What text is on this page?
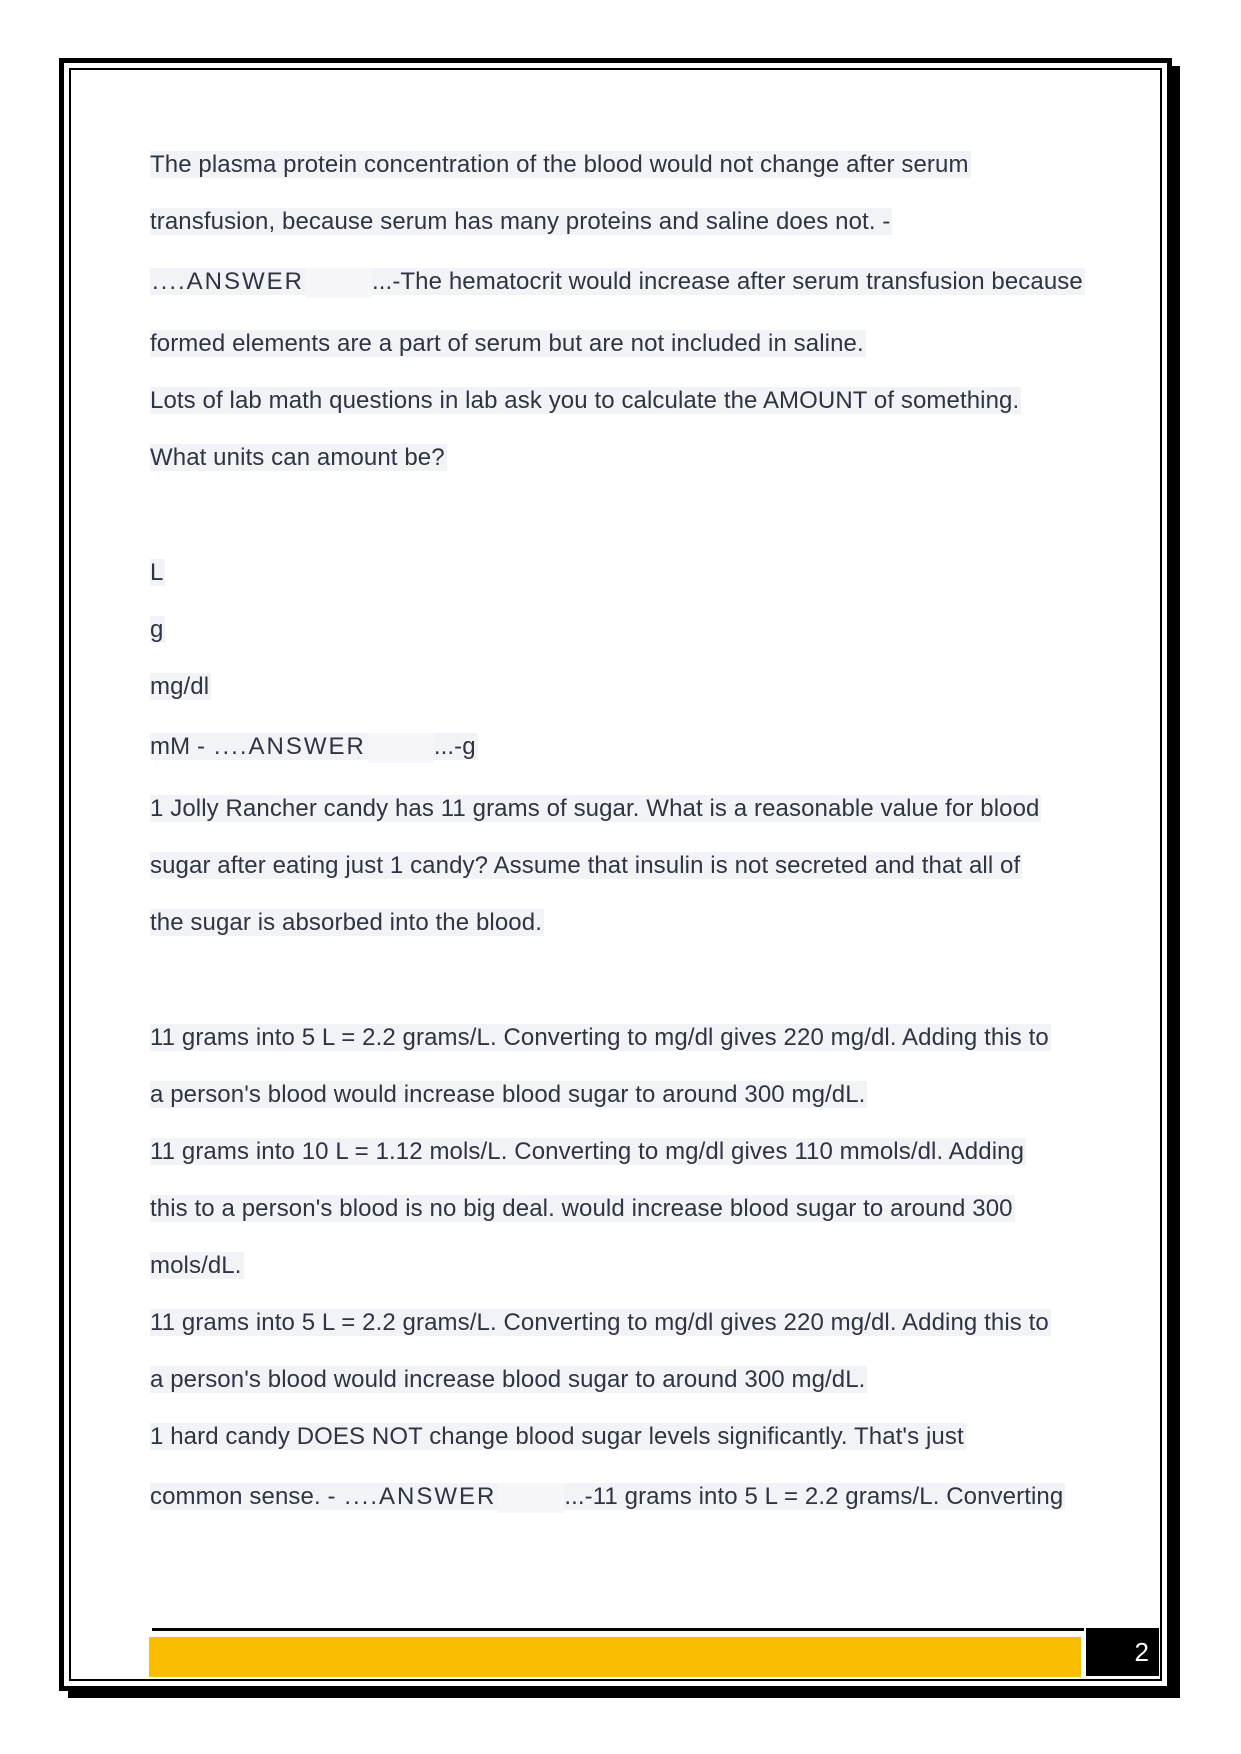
The plasma protein concentration of the blood would not change after serum
transfusion, because serum has many proteins and saline does not. -
....ANSWER	...-The hematocrit would increase after serum transfusion because
formed elements are a part of serum but are not included in saline.
Lots of lab math questions in lab ask you to calculate the AMOUNT of something.
What units can amount be?
L
g
mg/dl
mM - ....ANSWER	...-g
1 Jolly Rancher candy has 11 grams of sugar. What is a reasonable value for blood
sugar after eating just 1 candy? Assume that insulin is not secreted and that all of
the sugar is absorbed into the blood.
11 grams into 5 L = 2.2 grams/L. Converting to mg/dl gives 220 mg/dl. Adding this to
a person's blood would increase blood sugar to around 300 mg/dL.
11 grams into 10 L = 1.12 mols/L. Converting to mg/dl gives 110 mmols/dl. Adding
this to a person's blood is no big deal. would increase blood sugar to around 300
mols/dL.
11 grams into 5 L = 2.2 grams/L. Converting to mg/dl gives 220 mg/dl. Adding this to
a person's blood would increase blood sugar to around 300 mg/dL.
1 hard candy DOES NOT change blood sugar levels significantly. That's just
common sense. - ....ANSWER	...-11 grams into 5 L = 2.2 grams/L. Converting
2
